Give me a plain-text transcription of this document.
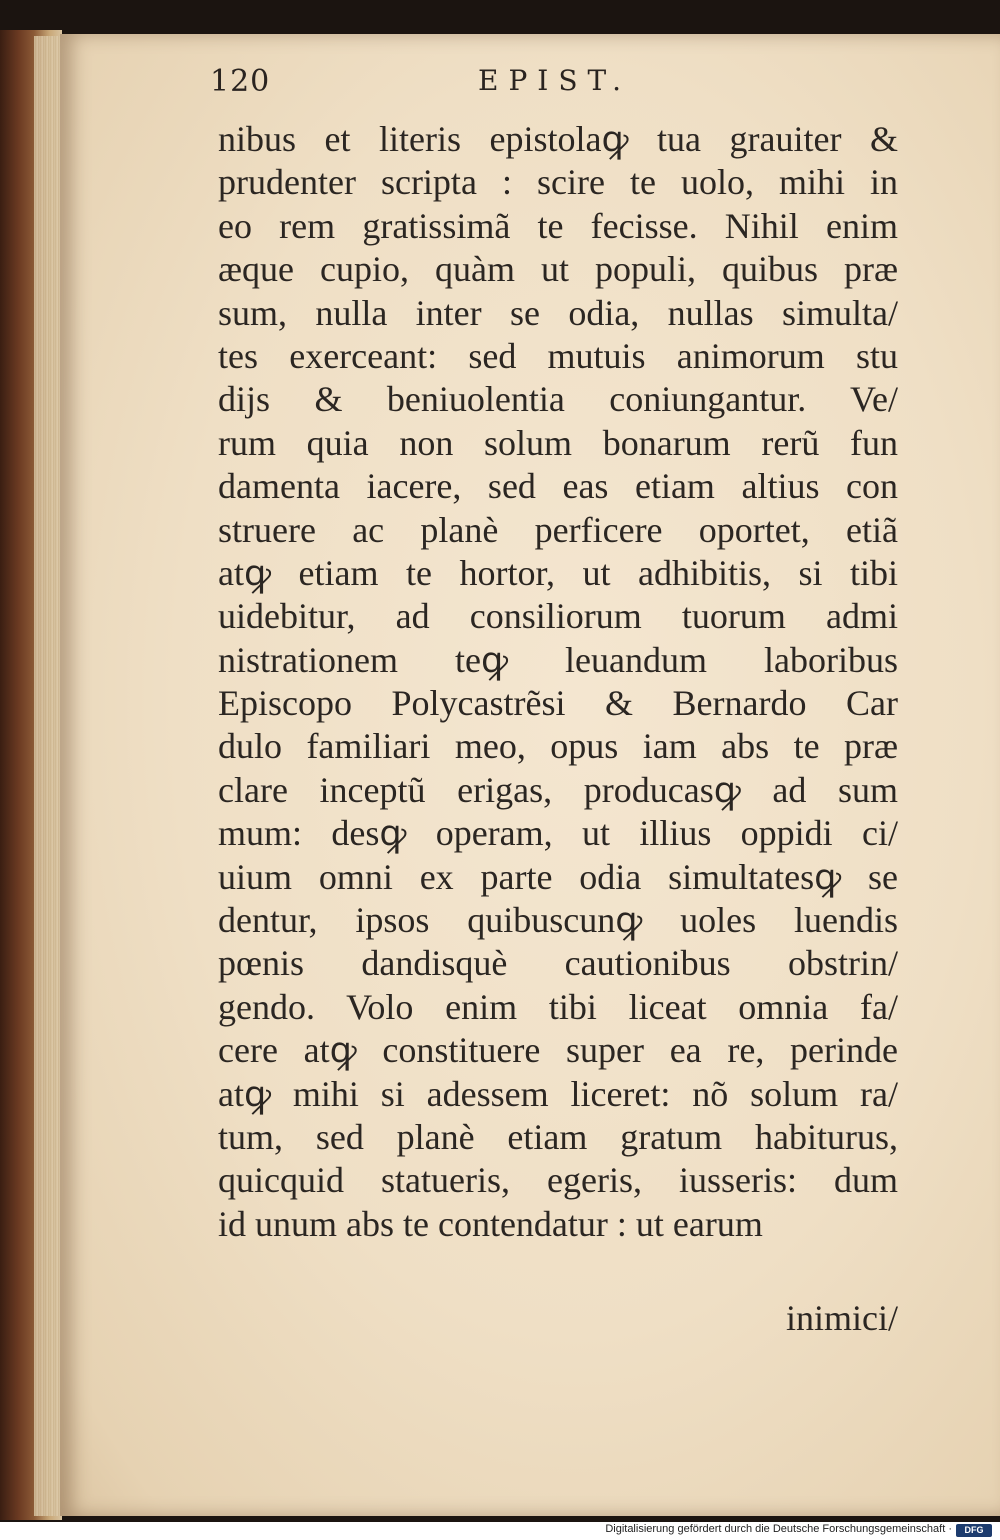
120	EPIST.
nibus et literis epistolaꝙ tua grauiter &
prudenter scripta : scire te uolo, mihi in
eo rem gratissimã te fecisse. Nihil enim
æque cupio, quàm ut populi, quibus præ
sum, nulla inter se odia, nullas simulta/
tes exerceant: sed mutuis animorum stu
dijs & beniuolentia coniungantur. Ve/
rum quia non solum bonarum rerũ fun
damenta iacere, sed eas etiam altius con
struere ac planè perficere oportet, etiã
atꝙ etiam te hortor, ut adhibitis, si tibi
uidebitur, ad consiliorum tuorum admi
nistrationem teꝙ leuandum laboribus
Episcopo Polycastrẽsi & Bernardo Car
dulo familiari meo, opus iam abs te præ
clare inceptũ erigas, producasꝙ ad sum
mum: desꝙ operam, ut illius oppidi ci/
uium omni ex parte odia simultatesꝙ se
dentur, ipsos quibuscunꝙ uoles luendis
pœnis dandisquè cautionibus obstrin/
gendo. Volo enim tibi liceat omnia fa/
cere atꝙ constituere super ea re, perinde
atꝙ mihi si adessem liceret: nõ solum ra/
tum, sed planè etiam gratum habiturus,
quicquid statueris, egeris, iusseris: dum
id unum abs te contendatur : ut earum
inimici/
Digitalisierung gefördert durch die Deutsche Forschungsgemeinschaft ·	DFG
